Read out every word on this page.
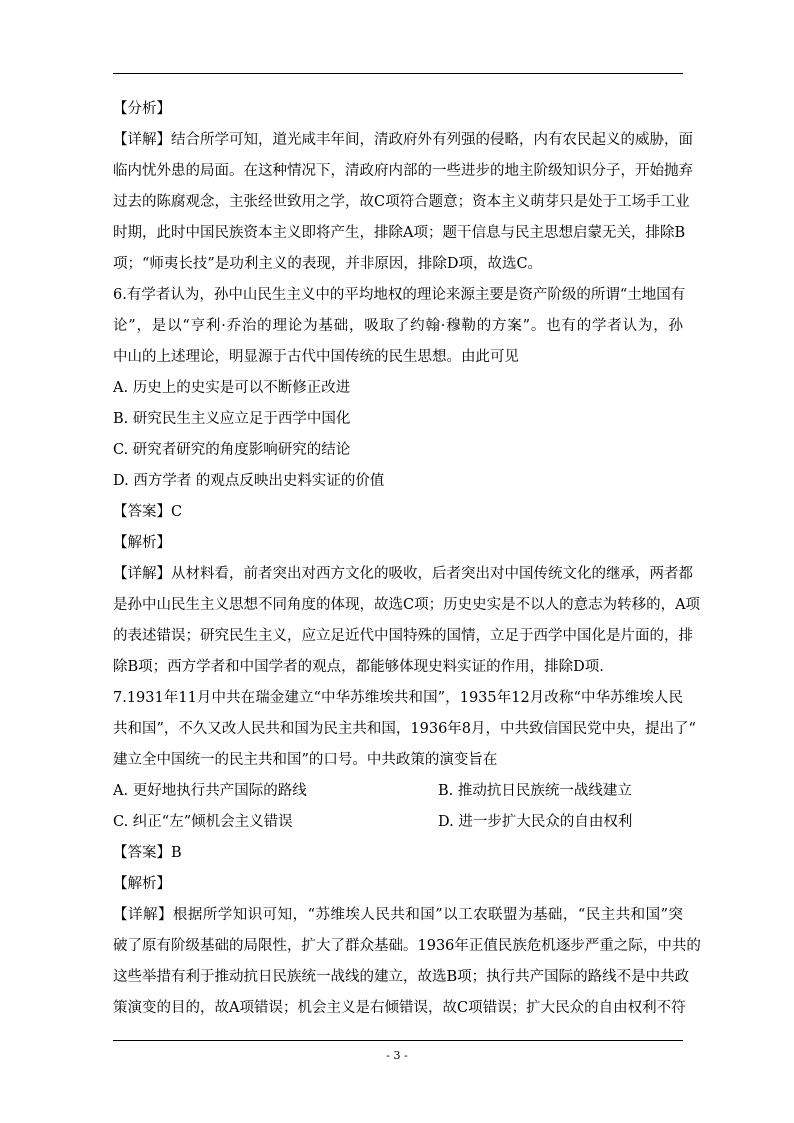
【分析】
【详解】结合所学可知，道光咸丰年间，清政府外有列强的侵略，内有农民起义的威胁，面
临内忧外患的局面。在这种情况下，清政府内部的一些进步的地主阶级知识分子，开始抛弃
过去的陈腐观念，主张经世致用之学，故C项符合题意；资本主义萌芽只是处于工场手工业
时期，此时中国民族资本主义即将产生，排除A项；题干信息与民主思想启蒙无关，排除B
项；“师夷长技”是功利主义的表现，并非原因，排除D项，故选C。
6.有学者认为，孙中山民生主义中的平均地权的理论来源主要是资产阶级的所谓“土地国有
论”，是以“亨利·乔治的理论为基础，吸取了约翰·穆勒的方案”。也有的学者认为，孙
中山的上述理论，明显源于古代中国传统的民生思想。由此可见
A. 历史上的史实是可以不断修正改进
B. 研究民生主义应立足于西学中国化
C. 研究者研究的角度影响研究的结论
D. 西方学者 的观点反映出史料实证的价值
【答案】C
【解析】
【详解】从材料看，前者突出对西方文化的吸收，后者突出对中国传统文化的继承，两者都
是孙中山民生主义思想不同角度的体现，故选C项；历史史实是不以人的意志为转移的，A项
的表述错误；研究民生主义，应立足近代中国特殊的国情，立足于西学中国化是片面的，排
除B项；西方学者和中国学者的观点，都能够体现史料实证的作用，排除D项.
7.1931年11月中共在瑞金建立“中华苏维埃共和国”，1935年12月改称“中华苏维埃人民
共和国”，不久又改人民共和国为民主共和国，1936年8月，中共致信国民党中央，提出了“
建立全中国统一的民主共和国”的口号。中共政策的演变旨在
A. 更好地执行共产国际的路线	B. 推动抗日民族统一战线建立
C. 纠正“左”倾机会主义错误	D. 进一步扩大民众的自由权利
【答案】B
【解析】
【详解】根据所学知识可知，“苏维埃人民共和国”以工农联盟为基础，“民主共和国”突
破了原有阶级基础的局限性，扩大了群众基础。1936年正值民族危机逐步严重之际，中共的
这些举措有利于推动抗日民族统一战线的建立，故选B项；执行共产国际的路线不是中共政
策演变的目的，故A项错误；机会主义是右倾错误，故C项错误；扩大民众的自由权利不符
- 3 -
